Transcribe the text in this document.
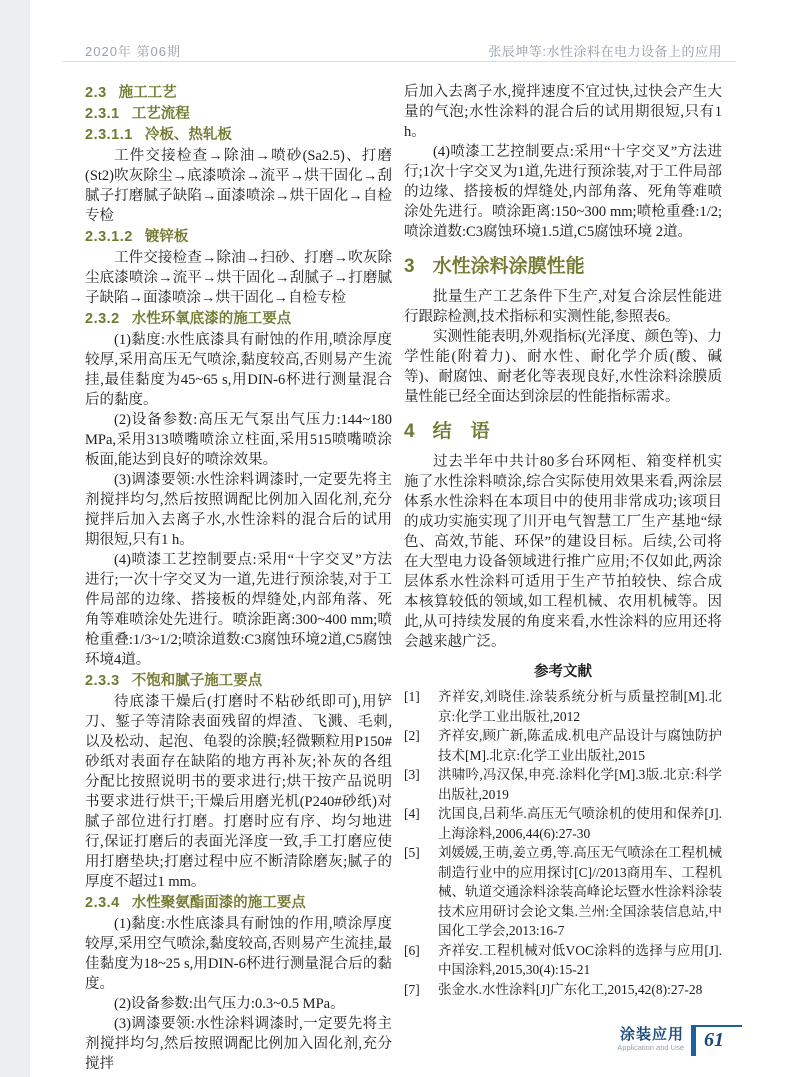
2020年 第06期	张辰坤等:水性涂料在电力设备上的应用
2.3 施工工艺
2.3.1 工艺流程
2.3.1.1 冷板、热轧板

工件交接检查→除油→喷砂(Sa2.5)、打磨(St2)吹灰除尘→底漆喷涂→流平→烘干固化→刮腻子打磨腻子缺陷→面漆喷涂→烘干固化→自检专检

2.3.1.2 镀锌板

工件交接检查→除油→扫砂、打磨→吹灰除尘底漆喷涂→流平→烘干固化→刮腻子→打磨腻子缺陷→面漆喷涂→烘干固化→自检专检

2.3.2 水性环氧底漆的施工要点

(1)黏度:水性底漆具有耐蚀的作用,喷涂厚度较厚,采用高压无气喷涂,黏度较高,否则易产生流挂,最佳黏度为45~65 s,用DIN-6杯进行测量混合后的黏度。

(2)设备参数:高压无气泵出气压力:144~180 MPa,采用313喷嘴喷涂立柱面,采用515喷嘴喷涂板面,能达到良好的喷涂效果。

(3)调漆要领:水性涂料调漆时,一定要先将主剂搅拌均匀,然后按照调配比例加入固化剂,充分搅拌后加入去离子水,水性涂料的混合后的试用期很短,只有1 h。

(4)喷漆工艺控制要点:采用“十字交叉”方法进行;一次十字交叉为一道,先进行预涂装,对于工件局部的边缘、搭接板的焊缝处,内部角落、死角等难喷涂处先进行。喷涂距离:300~400 mm;喷枪重叠:1/3~1/2;喷涂道数:C3腐蚀环境2道,C5腐蚀环境4道。

2.3.3 不饱和腻子施工要点

待底漆干燥后(打磨时不粘砂纸即可),用铲刀、錾子等清除表面残留的焊渣、飞溅、毛刺,以及松动、起泡、龟裂的涂膜;轻微颗粒用P150#砂纸对表面存在缺陷的地方再补灰;补灰的各组分配比按照说明书的要求进行;烘干按产品说明书要求进行烘干;干燥后用磨光机(P240#砂纸)对腻子部位进行打磨。打磨时应有序、均匀地进行,保证打磨后的表面光泽度一致,手工打磨应使用打磨垫块;打磨过程中应不断清除磨灰;腻子的厚度不超过1 mm。

2.3.4 水性聚氨酯面漆的施工要点

(1)黏度:水性底漆具有耐蚀的作用,喷涂厚度较厚,采用空气喷涂,黏度较高,否则易产生流挂,最佳黏度为18~25 s,用DIN-6杯进行测量混合后的黏度。

(2)设备参数:出气压力:0.3~0.5 MPa。

(3)调漆要领:水性涂料调漆时,一定要先将主剂搅拌均匀,然后按照调配比例加入固化剂,充分搅拌

后加入去离子水,搅拌速度不宜过快,过快会产生大量的气泡;水性涂料的混合后的试用期很短,只有1 h。

(4)喷漆工艺控制要点:采用“十字交叉”方法进行;1次十字交叉为1道,先进行预涂装,对于工件局部的边缘、搭接板的焊缝处,内部角落、死角等难喷涂处先进行。喷涂距离:150~300 mm;喷枪重叠:1/2;喷涂道数:C3腐蚀环境1.5道,C5腐蚀环境 2道。

3 水性涂料涂膜性能

批量生产工艺条件下生产,对复合涂层性能进行跟踪检测,技术指标和实测性能,参照表6。

实测性能表明,外观指标(光泽度、颜色等)、力学性能(附着力)、耐水性、耐化学介质(酸、碱等)、耐腐蚀、耐老化等表现良好,水性涂料涂膜质量性能已经全面达到涂层的性能指标需求。

4 结　语

过去半年中共计80多台环网柜、箱变样机实施了水性涂料喷涂,综合实际使用效果来看,两涂层体系水性涂料在本项目中的使用非常成功;该项目的成功实施实现了川开电气智慧工厂生产基地“绿色、高效,节能、环保”的建设目标。后续,公司将在大型电力设备领域进行推广应用;不仅如此,两涂层体系水性涂料可适用于生产节拍较快、综合成本核算较低的领域,如工程机械、农用机械等。因此,从可持续发展的角度来看,水性涂料的应用还将会越来越广泛。

参考文献
[1]	齐祥安,刘晓佳.涂装系统分析与质量控制[M].北京:化学工业出版社,2012
[2]	齐祥安,顾广新,陈孟成.机电产品设计与腐蚀防护技术[M].北京:化学工业出版社,2015
[3]	洪啸吟,冯汉保,申亮.涂料化学[M].3版.北京:科学出版社,2019
[4]	沈国良,吕莉华.高压无气喷涂机的使用和保养[J].上海涂料,2006,44(6):27-30
[5]	刘媛媛,王萌,姜立勇,等.高压无气喷涂在工程机械制造行业中的应用探讨[C]//2013商用车、工程机械、轨道交通涂料涂装高峰论坛暨水性涂料涂装技术应用研讨会论文集.兰州:全国涂装信息站,中国化工学会,2013:16-7
[6]	齐祥安.工程机械对低VOC涂料的选择与应用[J].中国涂料,2015,30(4):15-21
[7]	张金水.水性涂料[J]广东化工,2015,42(8):27-28
涂装应用
Application and Use	61
